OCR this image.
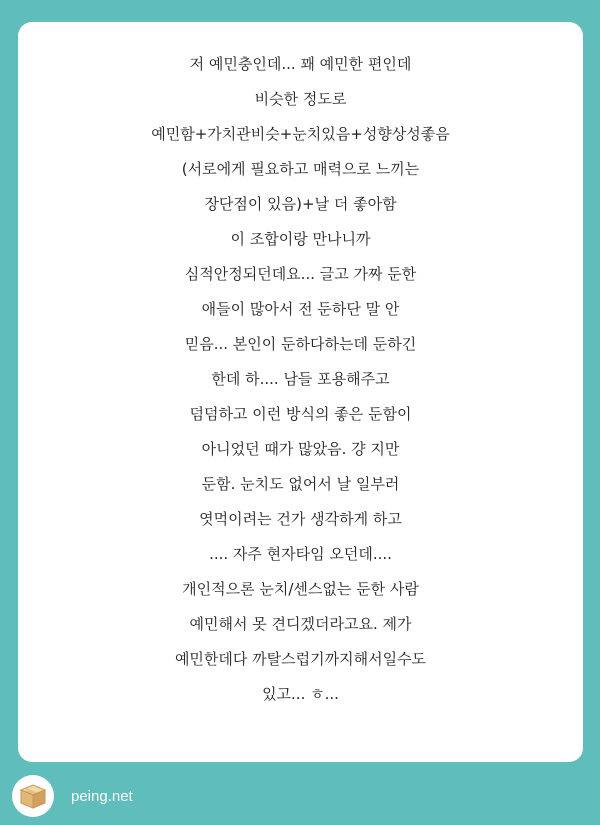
저 예민충인데... 꽤 예민한 편인데
비슷한 정도로
예민함+가치관비슷+눈치있음+성향상성좋음
(서로에게 필요하고 매력으로 느끼는
장단점이 있음)+날 더 좋아함
이 조합이랑 만나니까
심적안정되던데요... 글고 가짜 둔한
애들이 많아서 전 둔하단 말 안
믿음... 본인이 둔하다하는데 둔하긴
한데 하.... 남들 포용해주고
덤덤하고 이런 방식의 좋은 둔함이
아니었던 때가 많았음. 걍 지만
둔함. 눈치도 없어서 날 일부러
엿먹이려는 건가 생각하게 하고
.... 자주 현자타임 오던데....
개인적으론 눈치/센스없는 둔한 사람
예민해서 못 견디겠더라고요. 제가
예민한데다 까탈스럽기까지해서일수도
있고... ㅎ...
peing.net
